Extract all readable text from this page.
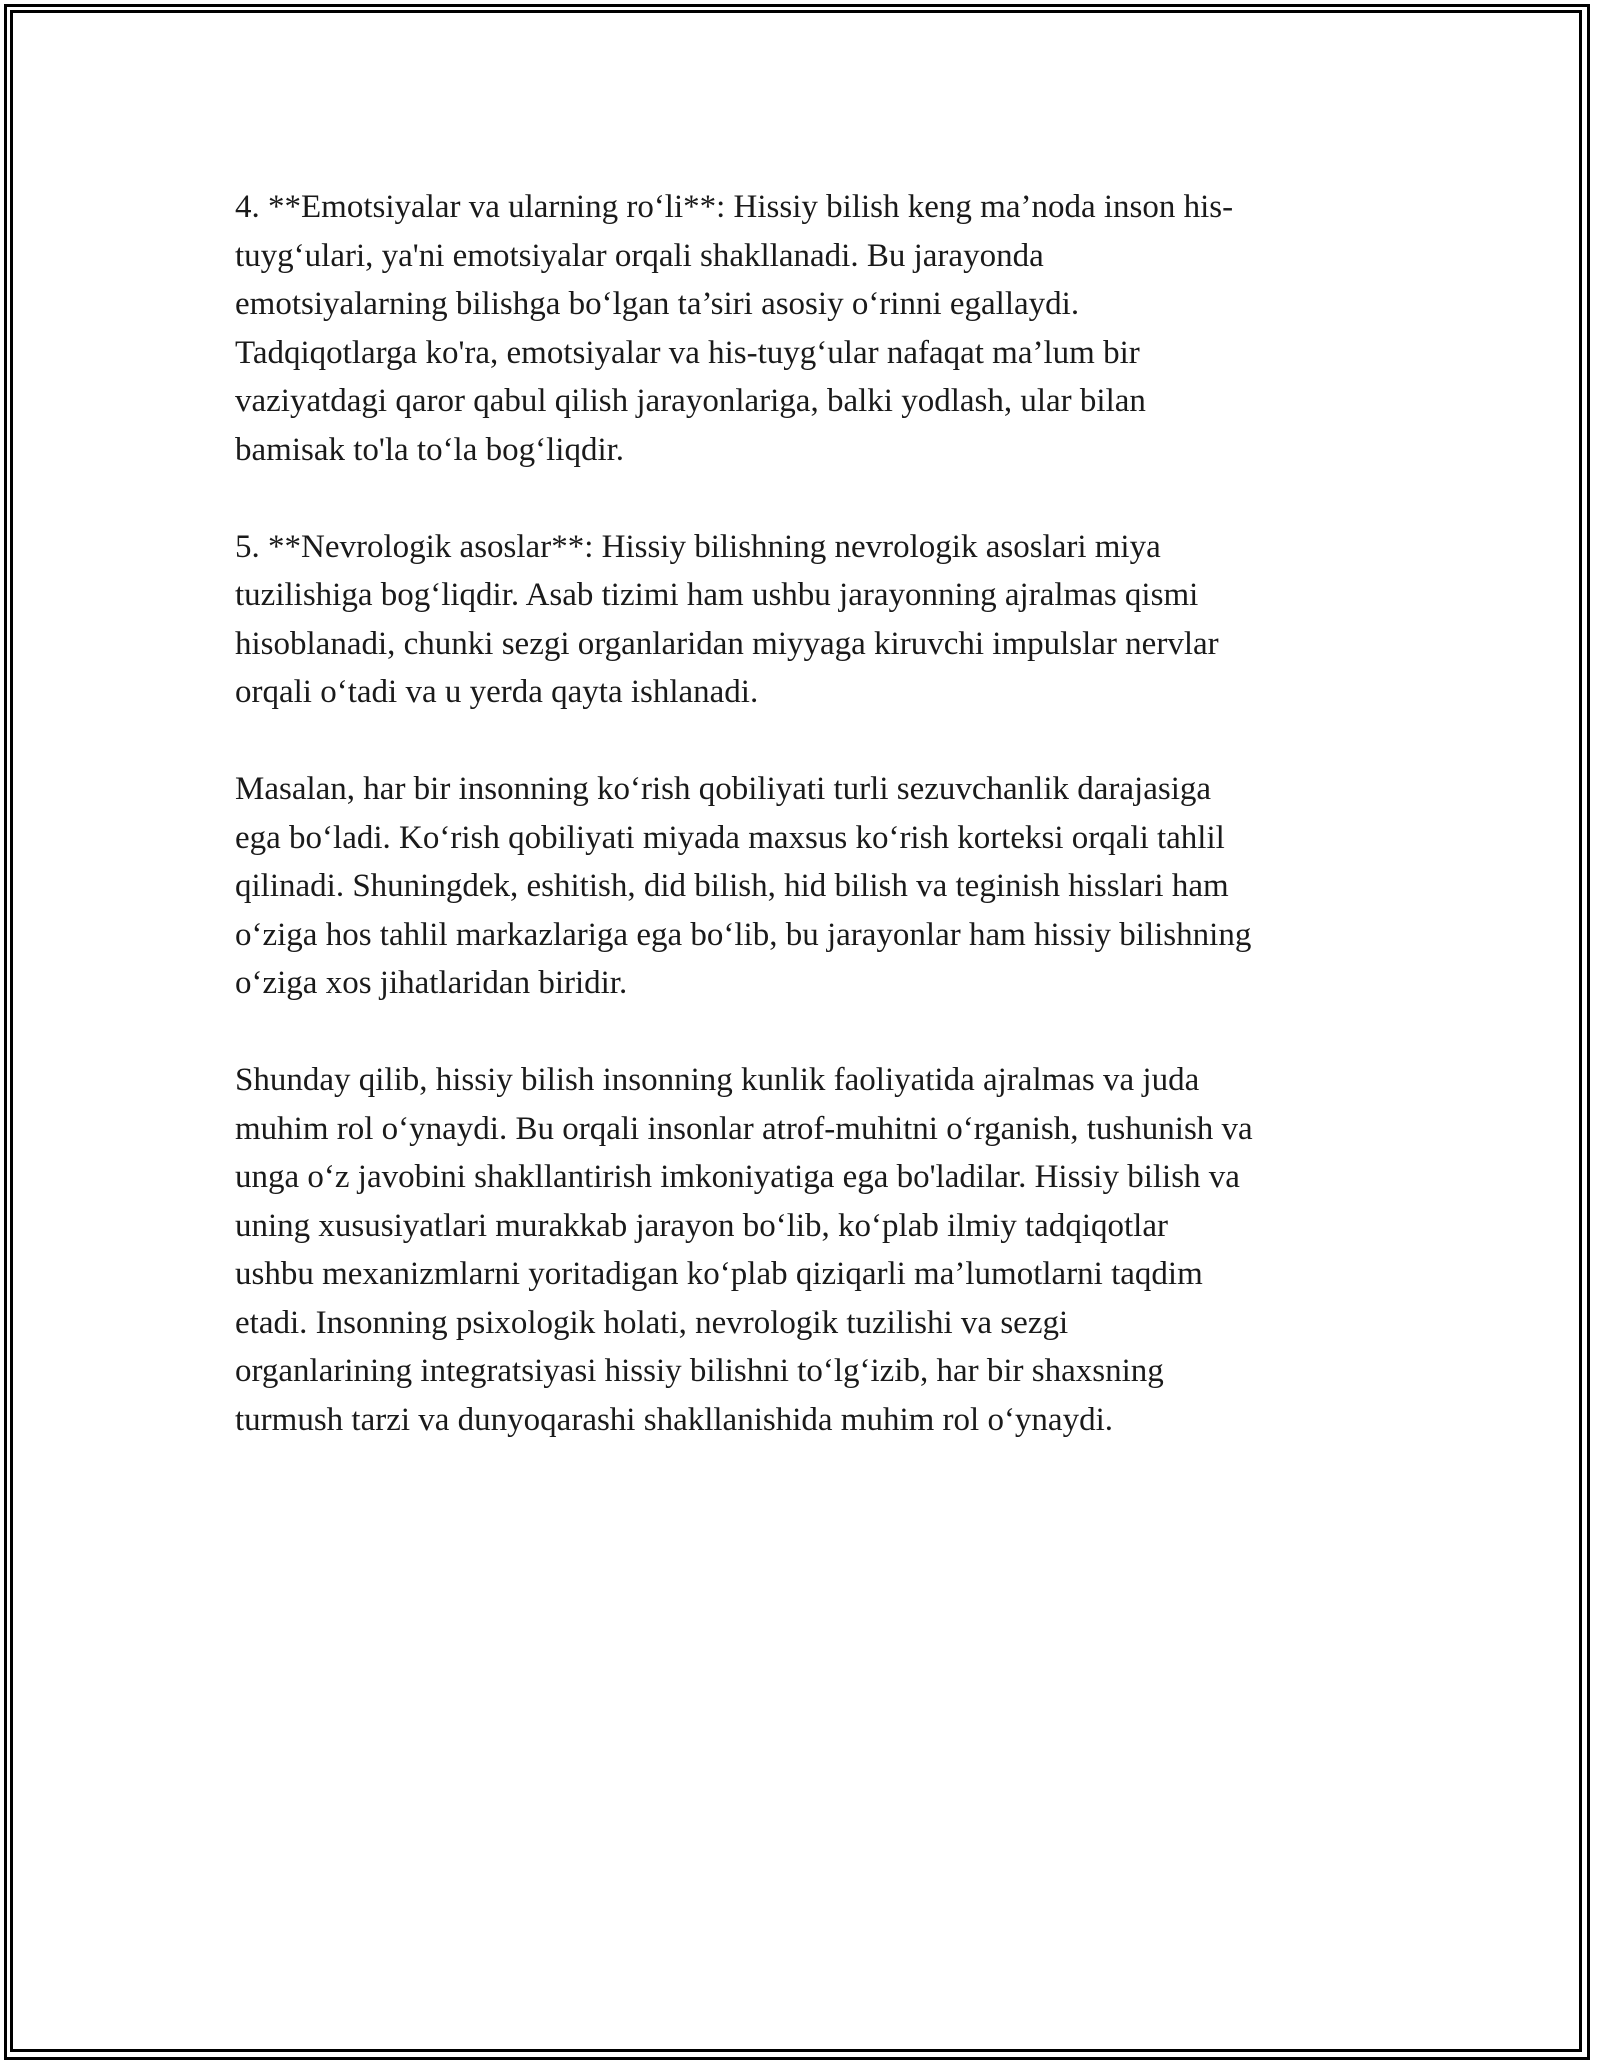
4. **Emotsiyalar va ularning ro‘li**: Hissiy bilish keng ma’noda inson his-
tuyg‘ulari, ya'ni emotsiyalar orqali shakllanadi. Bu jarayonda
emotsiyalarning bilishga bo‘lgan ta’siri asosiy o‘rinni egallaydi.
Tadqiqotlarga ko'ra, emotsiyalar va his-tuyg‘ular nafaqat ma’lum bir
vaziyatdagi qaror qabul qilish jarayonlariga, balki yodlash, ular bilan
bamisak to'la to‘la bog‘liqdir.

5. **Nevrologik asoslar**: Hissiy bilishning nevrologik asoslari miya
tuzilishiga bog‘liqdir. Asab tizimi ham ushbu jarayonning ajralmas qismi
hisoblanadi, chunki sezgi organlaridan miyyaga kiruvchi impulslar nervlar
orqali o‘tadi va u yerda qayta ishlanadi.

Masalan, har bir insonning ko‘rish qobiliyati turli sezuvchanlik darajasiga
ega bo‘ladi. Ko‘rish qobiliyati miyada maxsus ko‘rish korteksi orqali tahlil
qilinadi. Shuningdek, eshitish, did bilish, hid bilish va teginish hisslari ham
o‘ziga hos tahlil markazlariga ega bo‘lib, bu jarayonlar ham hissiy bilishning
o‘ziga xos jihatlaridan biridir.

Shunday qilib, hissiy bilish insonning kunlik faoliyatida ajralmas va juda
muhim rol o‘ynaydi. Bu orqali insonlar atrof-muhitni o‘rganish, tushunish va
unga o‘z javobini shakllantirish imkoniyatiga ega bo'ladilar. Hissiy bilish va
uning xususiyatlari murakkab jarayon bo‘lib, ko‘plab ilmiy tadqiqotlar
ushbu mexanizmlarni yoritadigan ko‘plab qiziqarli ma’lumotlarni taqdim
etadi. Insonning psixologik holati, nevrologik tuzilishi va sezgi
organlarining integratsiyasi hissiy bilishni to‘lg‘izib, har bir shaxsning
turmush tarzi va dunyoqarashi shakllanishida muhim rol o‘ynaydi.
